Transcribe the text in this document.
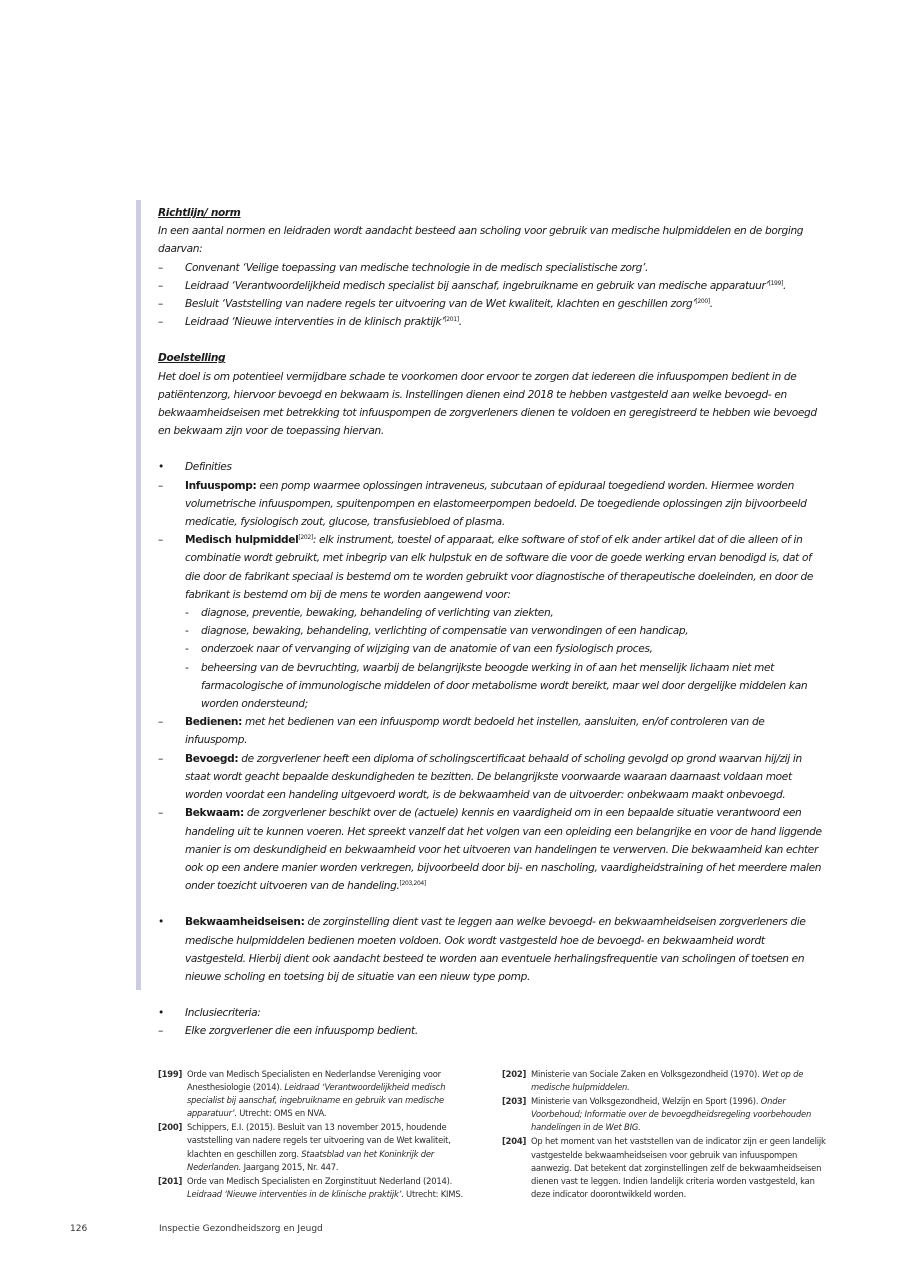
Richtlijn/ norm

In een aantal normen en leidraden wordt aandacht besteed aan scholing voor gebruik van medische hulpmiddelen en de borging daarvan:

– Convenant ‘Veilige toepassing van medische technologie in de medisch specialistische zorg’.
– Leidraad ‘Verantwoordelijkheid medisch specialist bij aanschaf, ingebruikname en gebruik van medische apparatuur’[199].
– Besluit ‘Vaststelling van nadere regels ter uitvoering van de Wet kwaliteit, klachten en geschillen zorg’[200].
– Leidraad ‘Nieuwe interventies in de klinisch praktijk’[201].

Doelstelling

Het doel is om potentieel vermijdbare schade te voorkomen door ervoor te zorgen dat iedereen die infuuspompen bedient in de patiëntenzorg, hiervoor bevoegd en bekwaam is. Instellingen dienen eind 2018 te hebben vastgesteld aan welke bevoegd- en bekwaamheidseisen met betrekking tot infuuspompen de zorgverleners dienen te voldoen en geregistreerd te hebben wie bevoegd en bekwaam zijn voor de toepassing hiervan.

• Definities
– Infuuspomp: een pomp waarmee oplossingen intraveneus, subcutaan of epiduraal toegediend worden. Hiermee worden volumetrische infuuspompen, spuitenpompen en elastomeerpompen bedoeld. De toegediende oplossingen zijn bijvoorbeeld medicatie, fysiologisch zout, glucose, transfusiebloed of plasma.
– Medisch hulpmiddel[202]: elk instrument, toestel of apparaat, elke software of stof of elk ander artikel dat of die alleen of in combinatie wordt gebruikt, met inbegrip van elk hulpstuk en de software die voor de goede werking ervan benodigd is, dat of die door de fabrikant speciaal is bestemd om te worden gebruikt voor diagnostische of therapeutische doeleinden, en door de fabrikant is bestemd om bij de mens te worden aangewend voor:
- diagnose, preventie, bewaking, behandeling of verlichting van ziekten,
- diagnose, bewaking, behandeling, verlichting of compensatie van verwondingen of een handicap,
- onderzoek naar of vervanging of wijziging van de anatomie of van een fysiologisch proces,
- beheersing van de bevruchting, waarbij de belangrijkste beoogde werking in of aan het menselijk lichaam niet met farmacologische of immunologische middelen of door metabolisme wordt bereikt, maar wel door dergelijke middelen kan worden ondersteund;
– Bedienen: met het bedienen van een infuuspomp wordt bedoeld het instellen, aansluiten, en/of controleren van de infuuspomp.
– Bevoegd: de zorgverlener heeft een diploma of scholingscertificaat behaald of scholing gevolgd op grond waarvan hij/zij in staat wordt geacht bepaalde deskundigheden te bezitten. De belangrijkste voorwaarde waaraan daarnaast voldaan moet worden voordat een handeling uitgevoerd wordt, is de bekwaamheid van de uitvoerder: onbekwaam maakt onbevoegd.
– Bekwaam: de zorgverlener beschikt over de (actuele) kennis en vaardigheid om in een bepaalde situatie verantwoord een handeling uit te kunnen voeren. Het spreekt vanzelf dat het volgen van een opleiding een belangrijke en voor de hand liggende manier is om deskundigheid en bekwaamheid voor het uitvoeren van handelingen te verwerven. Die bekwaamheid kan echter ook op een andere manier worden verkregen, bijvoorbeeld door bij- en nascholing, vaardigheidstraining of het meerdere malen onder toezicht uitvoeren van de handeling.[203,204]
• Bekwaamheidseisen: de zorginstelling dient vast te leggen aan welke bevoegd- en bekwaamheidseisen zorgverleners die medische hulpmiddelen bedienen moeten voldoen. Ook wordt vastgesteld hoe de bevoegd- en bekwaamheid wordt vastgesteld. Hierbij dient ook aandacht besteed te worden aan eventuele herhalingsfrequentie van scholingen of toetsen en nieuwe scholing en toetsing bij de situatie van een nieuw type pomp.
• Inclusiecriteria:
– Elke zorgverlener die een infuuspomp bedient.
[199] Orde van Medisch Specialisten en Nederlandse Vereniging voor Anesthesiologie (2014). Leidraad ‘Verantwoordelijkheid medisch specialist bij aanschaf, ingebruikname en gebruik van medische apparatuur’. Utrecht: OMS en NVA.
[200] Schippers, E.I. (2015). Besluit van 13 november 2015, houdende vaststelling van nadere regels ter uitvoering van de Wet kwaliteit, klachten en geschillen zorg. Staatsblad van het Koninkrijk der Nederlanden. Jaargang 2015, Nr. 447.
[201] Orde van Medisch Specialisten en Zorginstituut Nederland (2014). Leidraad ‘Nieuwe interventies in de klinische praktijk’. Utrecht: KIMS.
[202] Ministerie van Sociale Zaken en Volksgezondheid (1970). Wet op de medische hulpmiddelen.
[203] Ministerie van Volksgezondheid, Welzijn en Sport (1996). Onder Voorbehoud; Informatie over de bevoegdheidsregeling voorbehouden handelingen in de Wet BIG.
[204] Op het moment van het vaststellen van de indicator zijn er geen landelijk vastgestelde bekwaamheidseisen voor gebruik van infuuspompen aanwezig. Dat betekent dat zorginstellingen zelf de bekwaamheidseisen dienen vast te leggen. Indien landelijk criteria worden vastgesteld, kan deze indicator doorontwikkeld worden.
126	Inspectie Gezondheidszorg en Jeugd
